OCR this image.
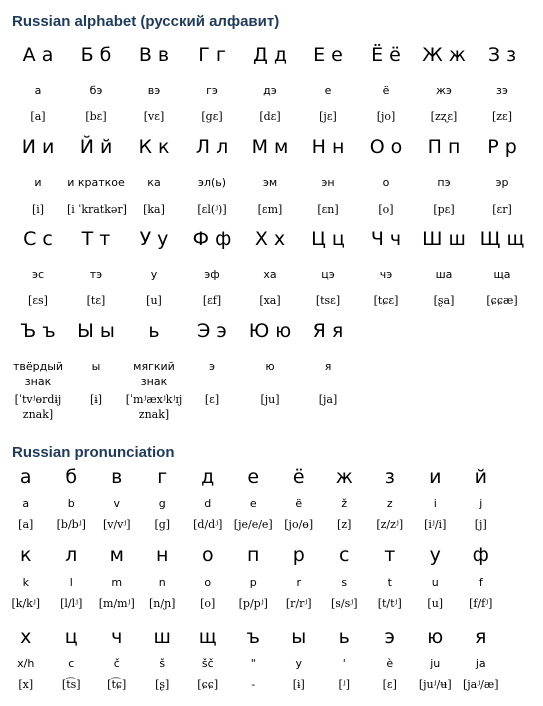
Russian alphabet (русский алфавит)
А а
а
[a]
Б б
бэ
[bɛ]
В в
вэ
[vɛ]
Г г
гэ
[gɛ]
Д д
дэ
[dɛ]
Е е
е
[jɛ]
Ё ё
ё
[jo]
Ж ж
жэ
[zʐɛ]
З з
зэ
[zɛ]
И и
и
[i]
Й й
и краткое
[i ˈkratkər]
К к
ка
[ka]
Л л
эл(ь)
[ɛl(ʲ)]
М м
эм
[ɛm]
Н н
эн
[ɛn]
О о
о
[o]
П п
пэ
[pɛ]
Р р
эр
[ɛr]
С с
эс
[ɛs]
Т т
тэ
[tɛ]
У у
у
[u]
Ф ф
эф
[ɛf]
Х х
ха
[xa]
Ц ц
цэ
[tsɛ]
Ч ч
чэ
[tɕɛ]
Ш ш
ша
[ʂa]
Щ щ
ща
[ɕɕæ]
Ъ ъ
твёрдый знак
[ˈtvʲɵrdɨj znak]
Ы ы
ы
[ɨ]
ь
мягкий знак
[ˈmʲæxʲkʲɪj znak]
Э э
э
[ɛ]
Ю ю
ю
[ju]
Я я
я
[ja]
Russian pronunciation
а
a
[a]
б
b
[b/bʲ]
в
v
[v/vʲ]
г
g
[g]
д
d
[d/dʲ]
е
e
[je/e/e]
ё
ë
[jo/ɵ]
ж
ž
[z]
з
z
[z/zʲ]
и
i
[iʲ/i]
й
j
[j]
к
k
[k/kʲ]
л
l
[l/lʲ]
м
m
[m/mʲ]
н
n
[n/ɲ]
о
o
[o]
п
p
[p/pʲ]
р
r
[r/rʲ]
с
s
[s/sʲ]
т
t
[t/tʲ]
у
u
[u]
ф
f
[f/fʲ]
х
x/h
[x]
ц
c
[t͡s]
ч
č
[t͡ɕ]
ш
š
[ʂ]
щ
šč
[ɕɕ]
ъ
"
-
ы
y
[ɨ]
ь
'
[ʲ]
э
è
[ɛ]
ю
ju
[juʲ/ʉ]
я
ja
[jaʲ/æ]
